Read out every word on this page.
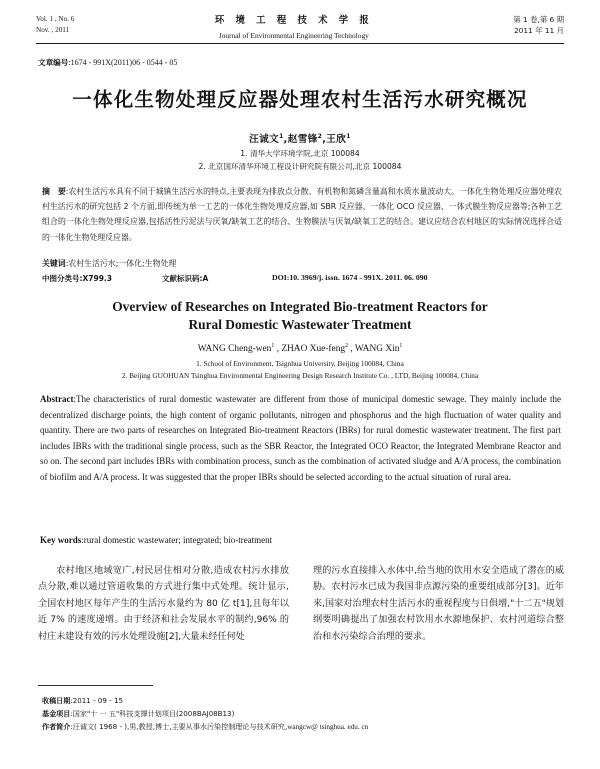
Vol. 1 , No. 6
Nov. , 2011
环 境 工 程 技 术 学 报
Journal of Environmental Engineering Technology
第 1 卷,第 6 期
2011 年 11 月
文章编号:1674 - 991X(2011)06 - 0544 - 05
一体化生物处理反应器处理农村生活污水研究概况
汪诚文$^1$,赵雪锋$^2$,王欣$^1$
1. 清华大学环境学院,北京 100084
2. 北京国环清华环境工程设计研究院有限公司,北京 100084
摘　要:农村生活污水具有不同于城镇生活污水的特点,主要表现为排放点分散、有机物和氮磷含量高和水质水量波动大。一体化生物处理反应器处理农村生活污水的研究包括 2 个方面,即传统为单一工艺的一体化生物处理反应器,如 SBR 反应器、一体化 OCO 反应器、一体式膜生物反应器等;各种工艺组合的一体化生物处理反应器,包括活性污泥法与厌氧/缺氧工艺的结合、生物膜法与厌氧/缺氧工艺的结合。建议应结合农村地区的实际情况选择合适的一体化生物处理反应器。
关键词:农村生活污水;一体化;生物处理
中图分类号:X799.3	文献标识码:A	DOI:10. 3969/j. issn. 1674 - 991X. 2011. 06. 090
Overview of Researches on Integrated Bio-treatment Reactors for
Rural Domestic Wastewater Treatment
WANG Cheng-wen$^1$ , ZHAO Xue-feng$^2$ , WANG Xin$^1$
1. School of Environment, Tsignhua University, Beijing 100084, China
2. Beijing GUOHUAN Tsinghua Environmental Engineering Design Research Institute Co. , LTD, Beijing 100084, China
Abstract:The characteristics of rural domestic wastewater are different from those of municipal domestic sewage. They mainly include the decentralized discharge points, the high content of organic pollutants, nitrogen and phosphorus and the high fluctuation of water quality and quantity. There are two parts of researches on Integrated Bio-treatment Reactors (IBRs) for rural domestic wastewater treatment. The first part includes IBRs with the traditional single process, such as the SBR Reactor, the Integrated OCO Reactor, the Integrated Membrane Reactor and so on. The second part includes IBRs with combination process, sunch as the combination of activated sludge and A/A process, the combination of biofilm and A/A process. It was suggested that the proper IBRs should be selected according to the actual situation of rural area.
Key words:rural domestic wastewater; integrated; bio-treatment

农村地区地域宽广,村民居住相对分散,造成农村污水排放点分散,难以通过管道收集的方式进行集中式处理。统计显示,全国农村地区每年产生的生活污水量约为 80 亿 t[1],且每年以近 7% 的速度递增。由于经济和社会发展水平的制约,96% 的村庄未建设有效的污水处理设施[2],大量未经任何处

理的污水直接排入水体中,给当地的饮用水安全造成了潜在的威胁。农村污水已成为我国非点源污染的重要组成部分[3]。近年来,国家对治理农村生活污水的重视程度与日俱增,"十二五"规划纲要明确提出了加强农村饮用水水源地保护、农村河道综合整治和水污染综合治理的要求。

收稿日期:2011 - 09 - 15
基金项目:国家"十 一 五"科技支撑计划项目(2008BAJ08B13)
作者简介:汪诚文( 1968 - ),男,教授,博士,主要从事水污染控制理论与技术研究,wangcw@ tsinghua. edu. cn
